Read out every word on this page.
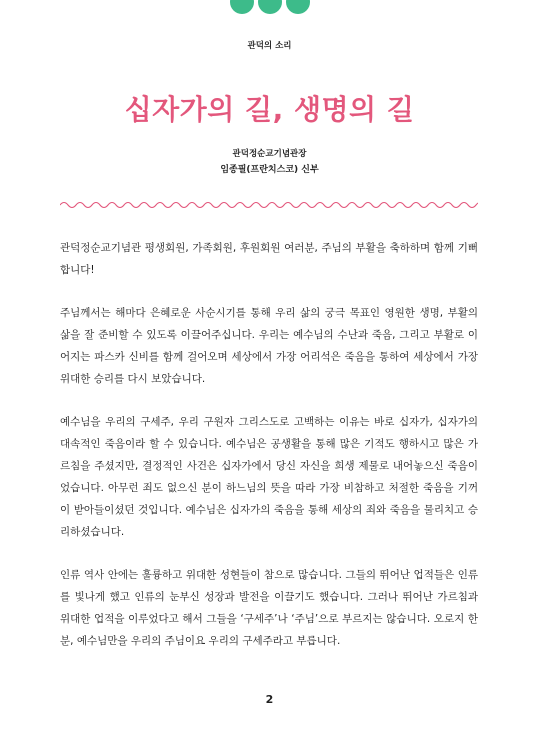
관덕의 소리
십자가의 길, 생명의 길
관덕정순교기념관장
임종필(프란치스코) 신부

관덕정순교기념관 평생회원, 가족회원, 후원회원 여러분, 주님의 부활을 축하하며 함께 기뻐합니다!

주님께서는 해마다 은혜로운 사순시기를 통해 우리 삶의 궁극 목표인 영원한 생명, 부활의 삶을 잘 준비할 수 있도록 이끌어주십니다. 우리는 예수님의 수난과 죽음, 그리고 부활로 이어지는 파스카 신비를 함께 걸어오며 세상에서 가장 어리석은 죽음을 통하여 세상에서 가장 위대한 승리를 다시 보았습니다.

예수님을 우리의 구세주, 우리 구원자 그리스도로 고백하는 이유는 바로 십자가, 십자가의 대속적인 죽음이라 할 수 있습니다. 예수님은 공생활을 통해 많은 기적도 행하시고 많은 가르침을 주셨지만, 결정적인 사건은 십자가에서 당신 자신을 희생 제물로 내어놓으신 죽음이었습니다. 아무런 죄도 없으신 분이 하느님의 뜻을 따라 가장 비참하고 처절한 죽음을 기꺼이 받아들이셨던 것입니다. 예수님은 십자가의 죽음을 통해 세상의 죄와 죽음을 물리치고 승리하셨습니다.

인류 역사 안에는 훌륭하고 위대한 성현들이 참으로 많습니다. 그들의 뛰어난 업적들은 인류를 빛나게 했고 인류의 눈부신 성장과 발전을 이끌기도 했습니다. 그러나 뛰어난 가르침과 위대한 업적을 이루었다고 해서 그들을 ‘구세주’나 ‘주님’으로 부르지는 않습니다. 오로지 한 분, 예수님만을 우리의 주님이요 우리의 구세주라고 부릅니다.

2
